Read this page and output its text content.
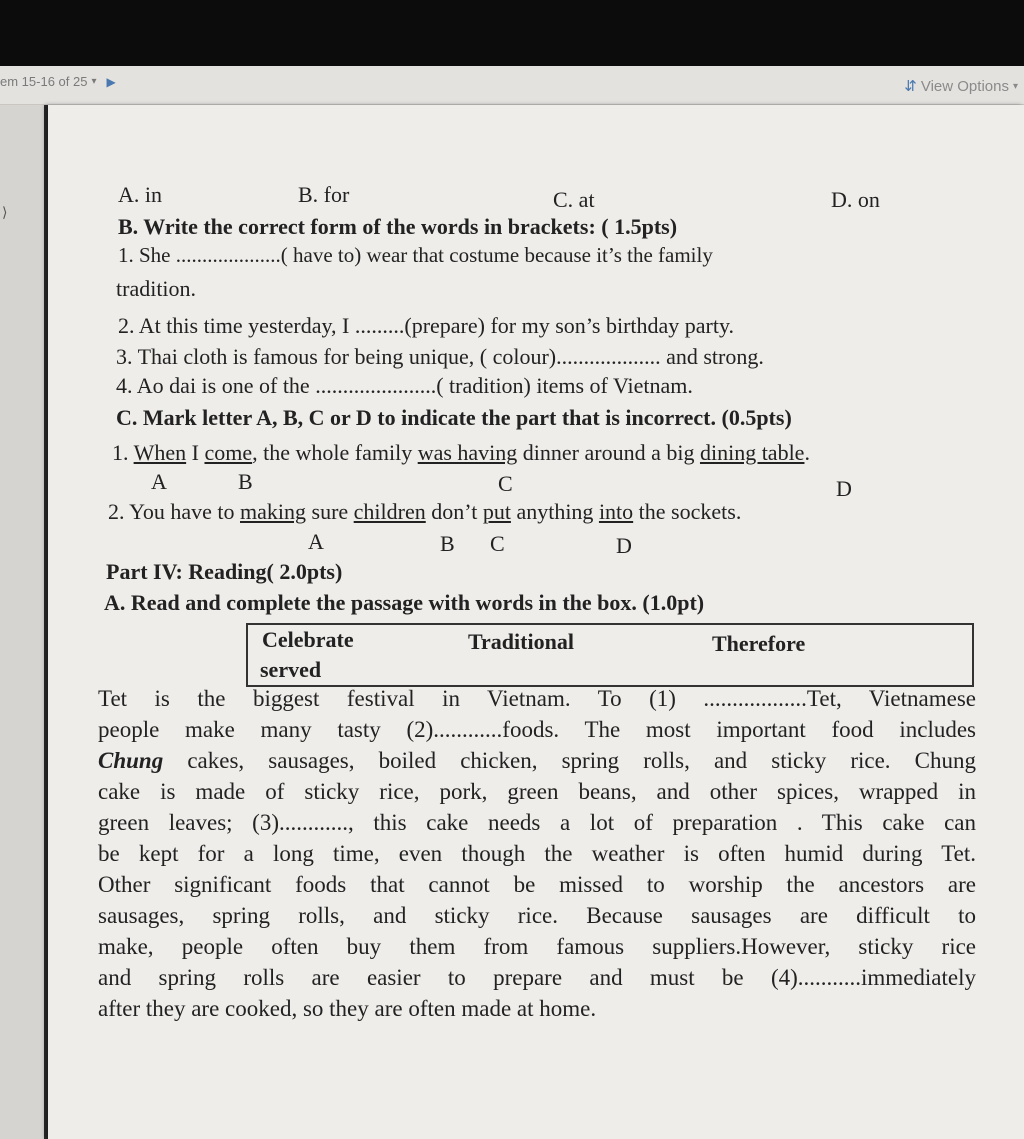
em 15-16 of 25 ▾ ▶	⇵ View Options ▾
⟩
A. in	B. for	C. at	D. on
B. Write the correct form of the words in brackets: ( 1.5pts)
1. She ....................( have to) wear that costume because it’s the family
tradition.
2. At this time yesterday, I .........(prepare) for my son’s birthday party.
3. Thai cloth is famous for being unique, ( colour)................... and strong.
4. Ao dai is one of the ......................( tradition) items of Vietnam.
C. Mark letter A, B, C or D to indicate the part that is incorrect. (0.5pts)
1. When I come, the whole family was having dinner around a big dining table.
A	B	C	D
2. You have to making sure children don’t put anything into the sockets.
A	B C	D
Part IV: Reading( 2.0pts)
A. Read and complete the passage with words in the box. (1.0pt)
Celebrate	Traditional	Therefore
served
Tet is the biggest festival in Vietnam. To (1) ..................Tet, Vietnamese
people make many tasty (2)............foods. The most important food includes
Chung cakes, sausages, boiled chicken, spring rolls, and sticky rice. Chung
cake is made of sticky rice, pork, green beans, and other spices, wrapped in
green leaves; (3)............, this cake needs a lot of preparation . This cake can
be kept for a long time, even though the weather is often humid during Tet.
Other significant foods that cannot be missed to worship the ancestors are
sausages, spring rolls, and sticky rice. Because sausages are difficult to
make, people often buy them from famous suppliers.However, sticky rice
and spring rolls are easier to prepare and must be (4)...........immediately
after they are cooked, so they are often made at home.
